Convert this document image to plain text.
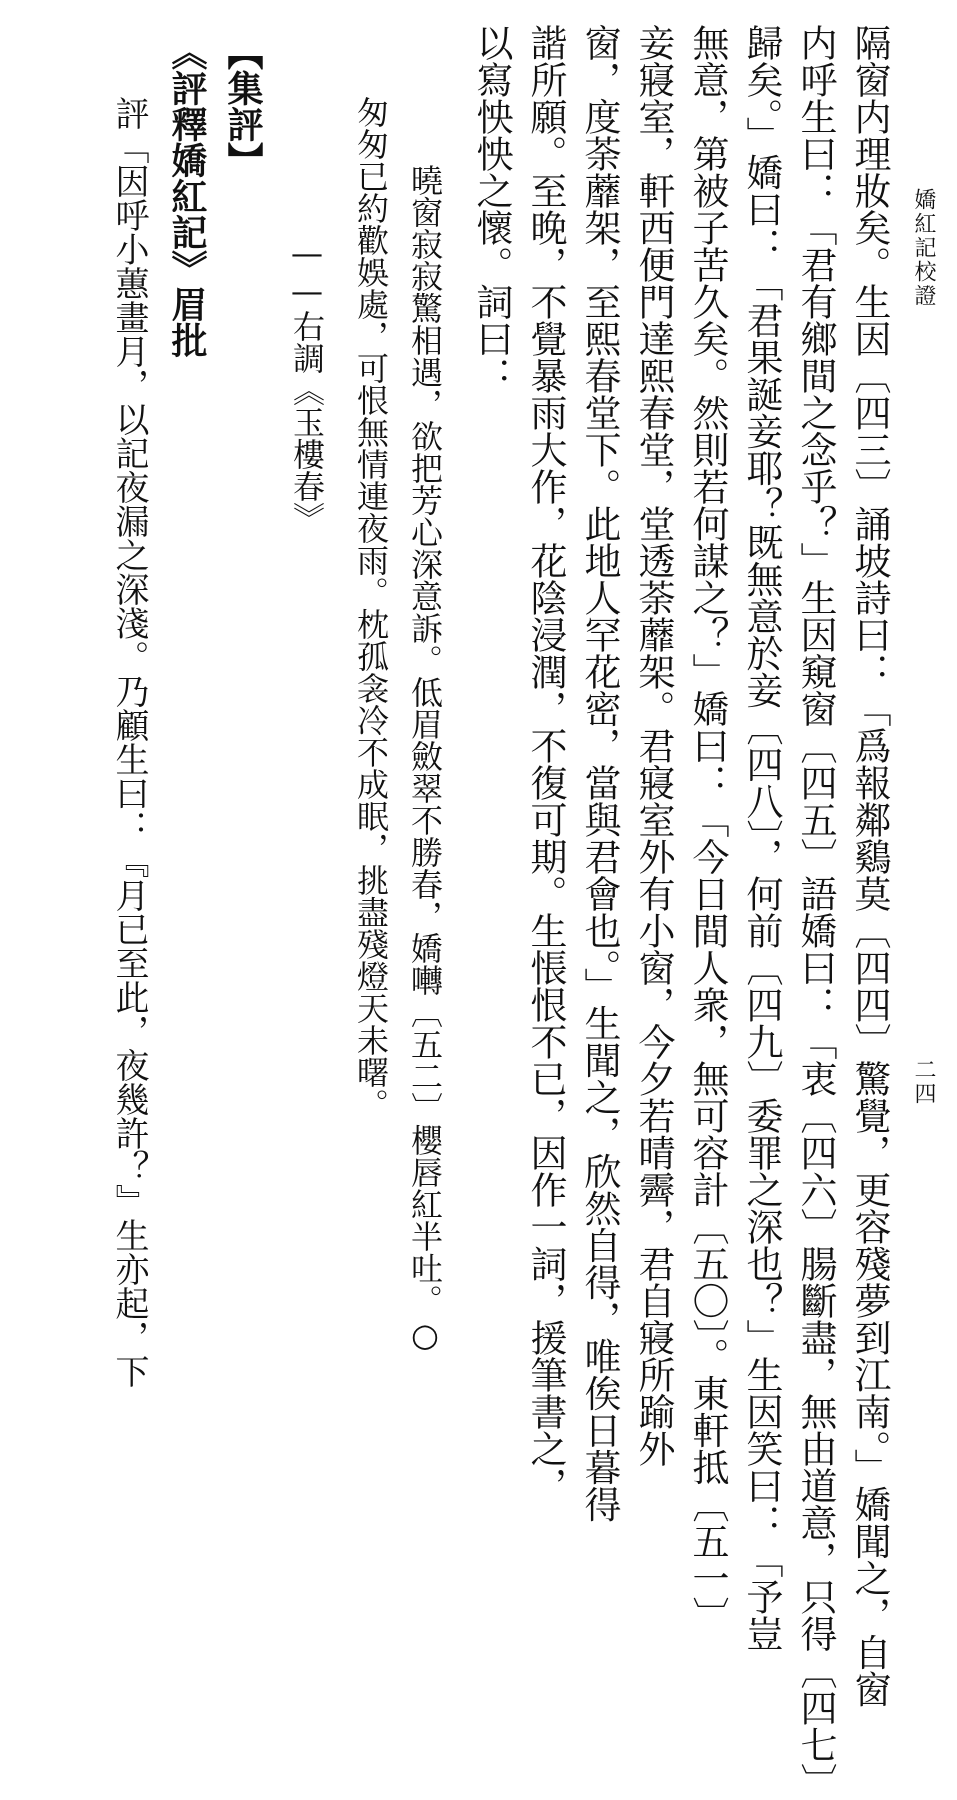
嬌紅記校證
二四
隔窗内理妝矣。生因〔四三〕誦坡詩曰：「爲報鄰鷄莫〔四四〕驚覺，更容殘夢到江南。」嬌聞之，自窗
内呼生曰：「君有鄉間之念乎？」生因窺窗〔四五〕語嬌曰：「衷〔四六〕腸斷盡，無由道意，只得〔四七〕
歸矣。」嬌曰：「君果誕妾耶？既無意於妾〔四八〕，何前〔四九〕委罪之深也？」生因笑曰：「予豈
無意，第被子苦久矣。然則若何謀之？」嬌曰：「今日間人衆，無可容計〔五〇〕。東軒抵〔五一〕
妾寢室，軒西便門達熙春堂，堂透荼蘼架。君寢室外有小窗，今夕若晴霽，君自寢所踰外
窗，度荼蘼架，至熙春堂下。此地人罕花密，當與君會也。」生聞之，欣然自得，唯俟日暮得
諧所願。至晚，不覺暴雨大作，花陰浸潤，不復可期。生悵恨不已，因作一詞，援筆書之，
以寫怏怏之懷。詞曰：
曉窗寂寂驚相遇，欲把芳心深意訴。低眉斂翠不勝春，嬌囀〔五二〕櫻唇紅半吐。○
匆匆已約歡娛處，可恨無情連夜雨。枕孤衾冷不成眠，挑盡殘燈天未曙。
——右調《玉樓春》
【集評】
《評釋嬌紅記》眉批
評「因呼小蕙畫月，以記夜漏之深淺。乃顧生曰：『月已至此，夜幾許？』生亦起，下
